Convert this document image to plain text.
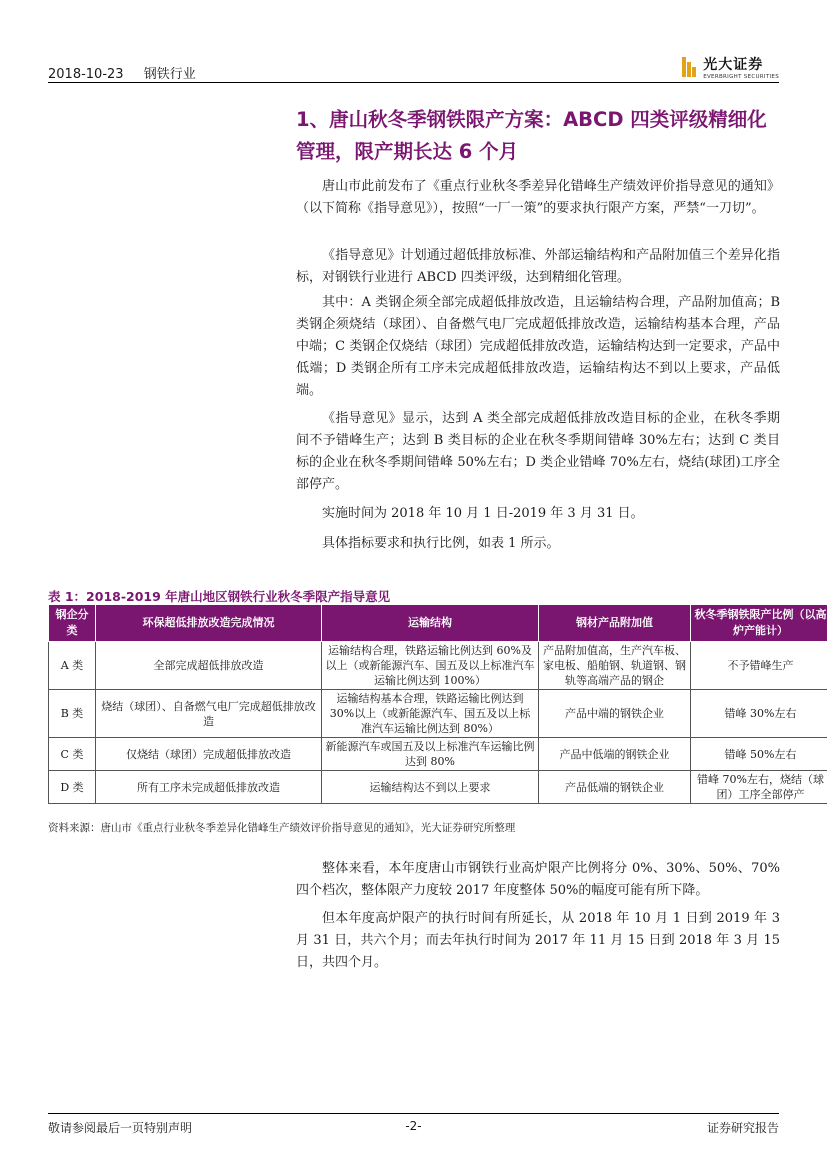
2018-10-23 钢铁行业
光大证券
EVERBRIGHT SECURITIES
1、唐山秋冬季钢铁限产方案：ABCD 四类评级精细化管理，限产期长达 6 个月

唐山市此前发布了《重点行业秋冬季差异化错峰生产绩效评价指导意见的通知》（以下简称《指导意见》），按照“一厂一策”的要求执行限产方案，严禁“一刀切”。

《指导意见》计划通过超低排放标准、外部运输结构和产品附加值三个差异化指标，对钢铁行业进行 ABCD 四类评级，达到精细化管理。

其中：A 类钢企须全部完成超低排放改造，且运输结构合理，产品附加值高；B 类钢企须烧结（球团）、自备燃气电厂完成超低排放改造，运输结构基本合理，产品中端；C 类钢企仅烧结（球团）完成超低排放改造，运输结构达到一定要求，产品中低端；D 类钢企所有工序未完成超低排放改造，运输结构达不到以上要求，产品低端。

《指导意见》显示，达到 A 类全部完成超低排放改造目标的企业，在秋冬季期间不予错峰生产；达到 B 类目标的企业在秋冬季期间错峰 30%左右；达到 C 类目标的企业在秋冬季期间错峰 50%左右；D 类企业错峰 70%左右，烧结(球团)工序全部停产。

实施时间为 2018 年 10 月 1 日-2019 年 3 月 31 日。

具体指标要求和执行比例，如表 1 所示。

表 1：2018-2019 年唐山地区钢铁行业秋冬季限产指导意见
钢企分类	环保超低排放改造完成情况	运输结构	钢材产品附加值	秋冬季钢铁限产比例（以高炉产能计）
A 类	全部完成超低排放改造	运输结构合理，铁路运输比例达到 60%及以上（或新能源汽车、国五及以上标准汽车运输比例达到 100%）	产品附加值高，生产汽车板、家电板、船舶钢、轨道钢、钢轨等高端产品的钢企	不予错峰生产
B 类	烧结（球团）、自备燃气电厂完成超低排放改造	运输结构基本合理，铁路运输比例达到 30%以上（或新能源汽车、国五及以上标准汽车运输比例达到 80%）	产品中端的钢铁企业	错峰 30%左右
C 类	仅烧结（球团）完成超低排放改造	新能源汽车或国五及以上标准汽车运输比例达到 80%	产品中低端的钢铁企业	错峰 50%左右
D 类	所有工序未完成超低排放改造	运输结构达不到以上要求	产品低端的钢铁企业	错峰 70%左右，烧结（球团）工序全部停产
资料来源：唐山市《重点行业秋冬季差异化错峰生产绩效评价指导意见的通知》，光大证券研究所整理

整体来看，本年度唐山市钢铁行业高炉限产比例将分 0%、30%、50%、70%四个档次，整体限产力度较 2017 年度整体 50%的幅度可能有所下降。

但本年度高炉限产的执行时间有所延长，从 2018 年 10 月 1 日到 2019 年 3 月 31 日，共六个月；而去年执行时间为 2017 年 11 月 15 日到 2018 年 3 月 15 日，共四个月。

敬请参阅最后一页特别声明	-2-	证券研究报告
